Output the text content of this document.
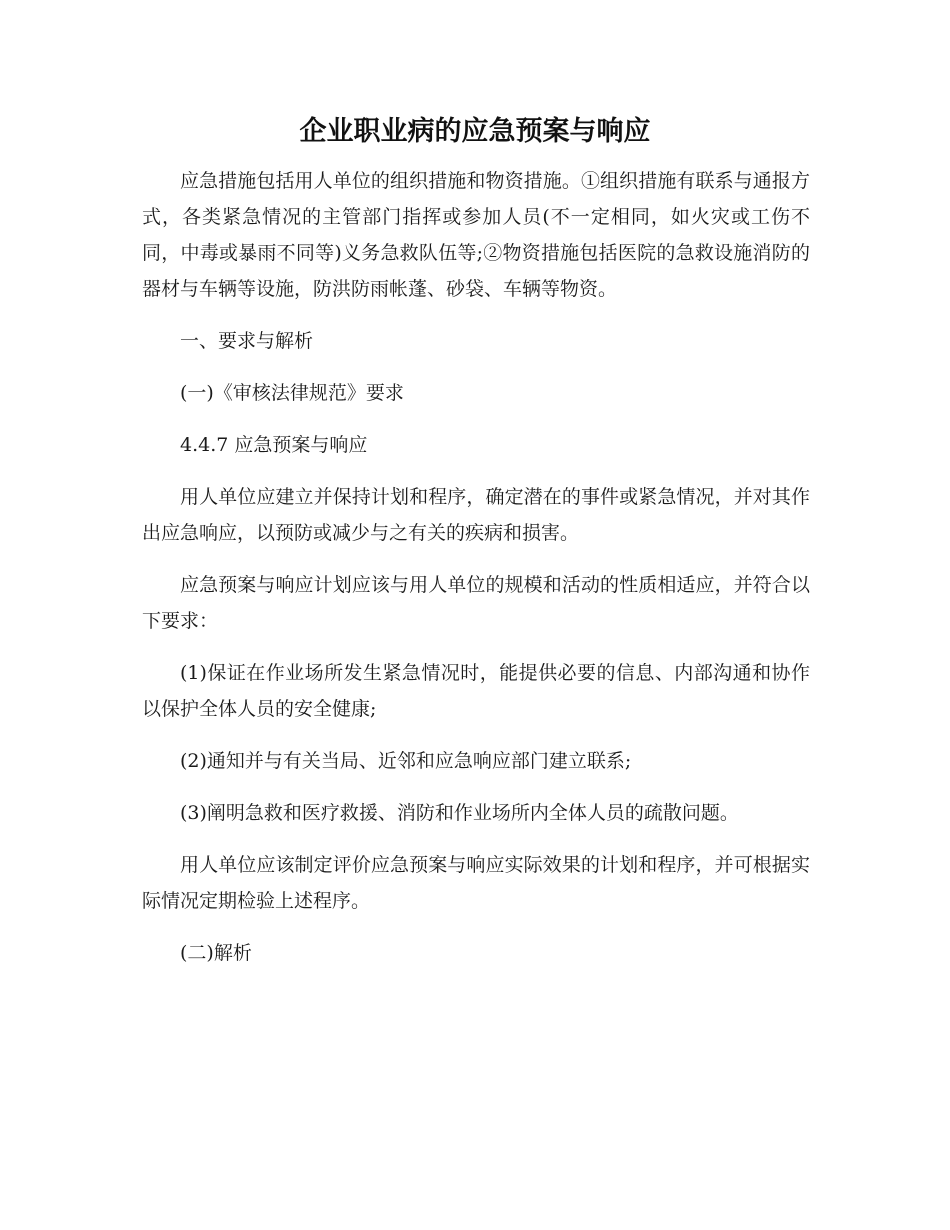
企业职业病的应急预案与响应

应急措施包括用人单位的组织措施和物资措施。①组织措施有联系与通报方式，各类紧急情况的主管部门指挥或参加人员(不一定相同，如火灾或工伤不同，中毒或暴雨不同等)义务急救队伍等;②物资措施包括医院的急救设施消防的器材与车辆等设施，防洪防雨帐蓬、砂袋、车辆等物资。

一、要求与解析

(一)《审核法律规范》要求

4.4.7 应急预案与响应

用人单位应建立并保持计划和程序，确定潜在的事件或紧急情况，并对其作出应急响应，以预防或减少与之有关的疾病和损害。

应急预案与响应计划应该与用人单位的规模和活动的性质相适应，并符合以下要求：

(1)保证在作业场所发生紧急情况时，能提供必要的信息、内部沟通和协作以保护全体人员的安全健康;

(2)通知并与有关当局、近邻和应急响应部门建立联系;

(3)阐明急救和医疗救援、消防和作业场所内全体人员的疏散问题。

用人单位应该制定评价应急预案与响应实际效果的计划和程序，并可根据实际情况定期检验上述程序。

(二)解析
